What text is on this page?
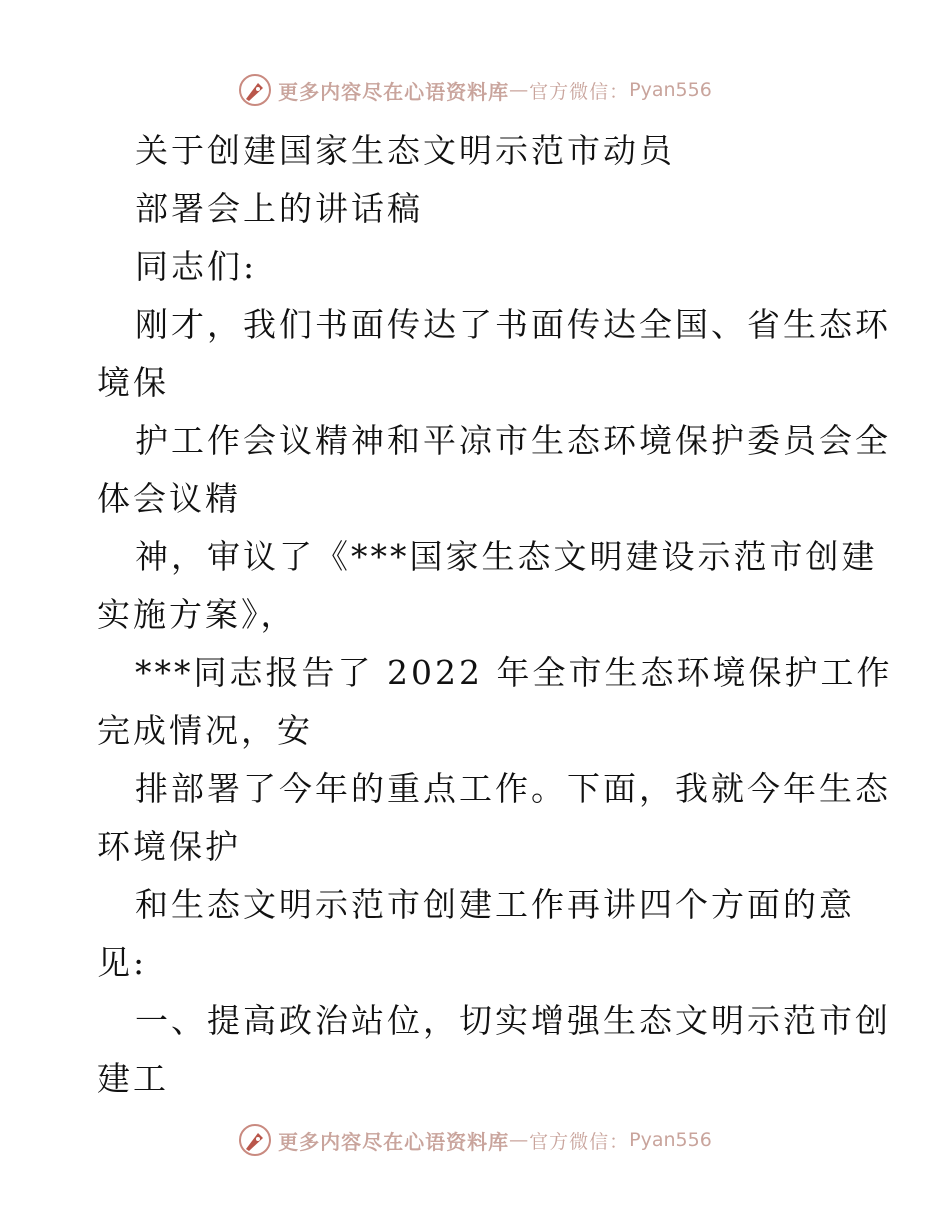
更多内容尽在心语资料库 — 官方微信： Pyan556
关于创建国家生态文明示范市动员
部署会上的讲话稿
同志们:
刚才，我们书面传达了书面传达全国、省生态环
境保
护工作会议精神和平凉市生态环境保护委员会全
体会议精
神，审议了《***国家生态文明建设示范市创建
实施方案》，
***同志报告了 2022 年全市生态环境保护工作
完成情况，安
排部署了今年的重点工作。下面，我就今年生态
环境保护
和生态文明示范市创建工作再讲四个方面的意
见:
一、提高政治站位，切实增强生态文明示范市创
建工
更多内容尽在心语资料库 — 官方微信： Pyan556
